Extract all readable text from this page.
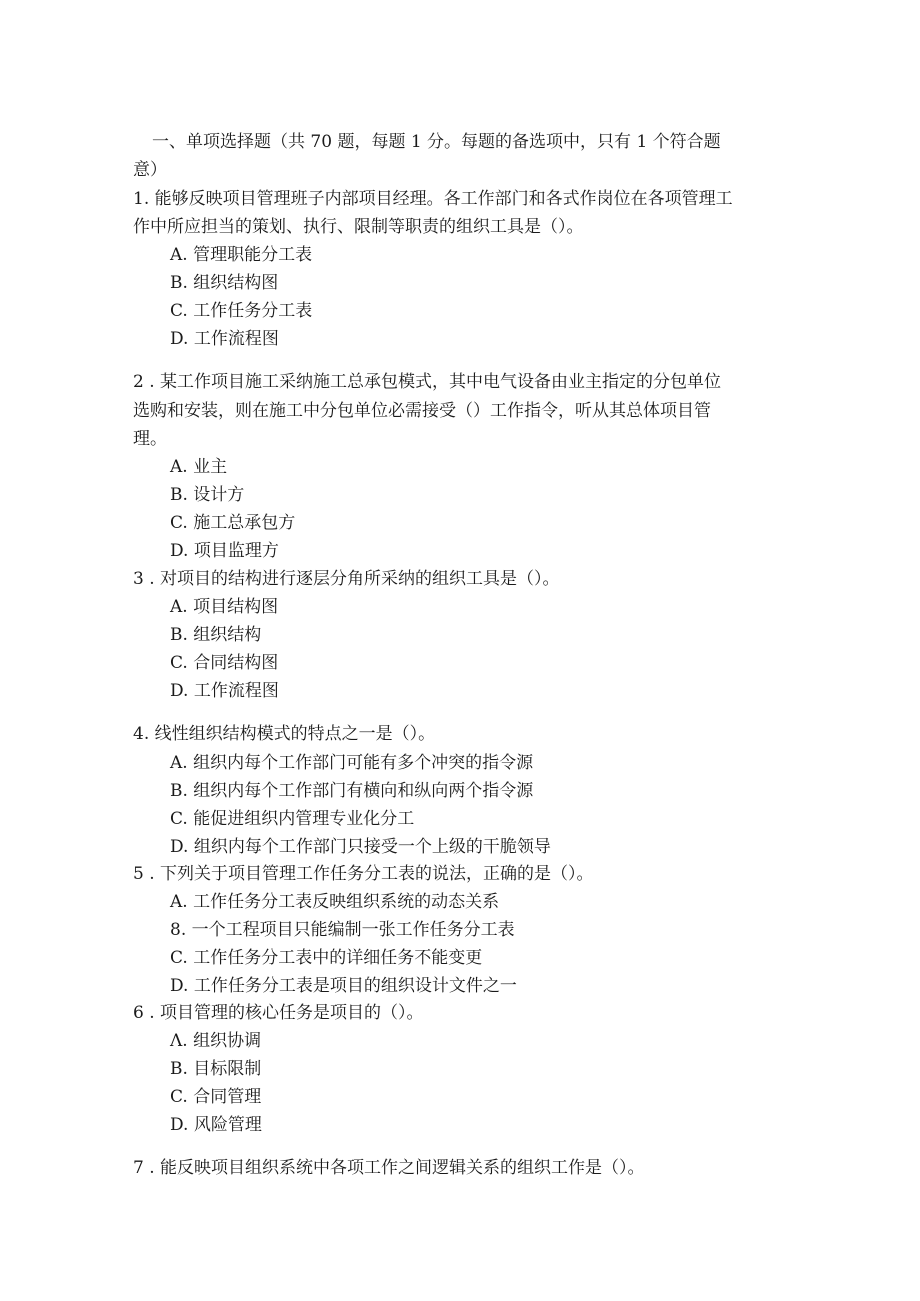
一、单项选择题（共 70 题，每题 1 分。每题的备选项中，只有 1 个符合题
意）
1. 能够反映项目管理班子内部项目经理。各工作部门和各式作岗位在各项管理工
作中所应担当的策划、执行、限制等职责的组织工具是（）。
A. 管理职能分工表
B. 组织结构图
C. 工作任务分工表
D. 工作流程图
2 . 某工作项目施工采纳施工总承包模式，其中电气设备由业主指定的分包单位
选购和安装，则在施工中分包单位必需接受（）工作指令，听从其总体项目管
理。
A. 业主
B. 设计方
C. 施工总承包方
D. 项目监理方
3 . 对项目的结构进行逐层分角所采纳的组织工具是（）。
A. 项目结构图
B. 组织结构
C. 合同结构图
D. 工作流程图
4. 线性组织结构模式的特点之一是（）。
A. 组织内每个工作部门可能有多个冲突的指令源
B. 组织内每个工作部门有横向和纵向两个指令源
C. 能促进组织内管理专业化分工
D. 组织内每个工作部门只接受一个上级的干脆领导
5 . 下列关于项目管理工作任务分工表的说法，正确的是（）。
A. 工作任务分工表反映组织系统的动态关系
8. 一个工程项目只能编制一张工作任务分工表
C. 工作任务分工表中的详细任务不能变更
D. 工作任务分工表是项目的组织设计文件之一
6 . 项目管理的核心任务是项目的（）。
Λ. 组织协调
B. 目标限制
C. 合同管理
D. 风险管理
7 . 能反映项目组织系统中各项工作之间逻辑关系的组织工作是（）。
